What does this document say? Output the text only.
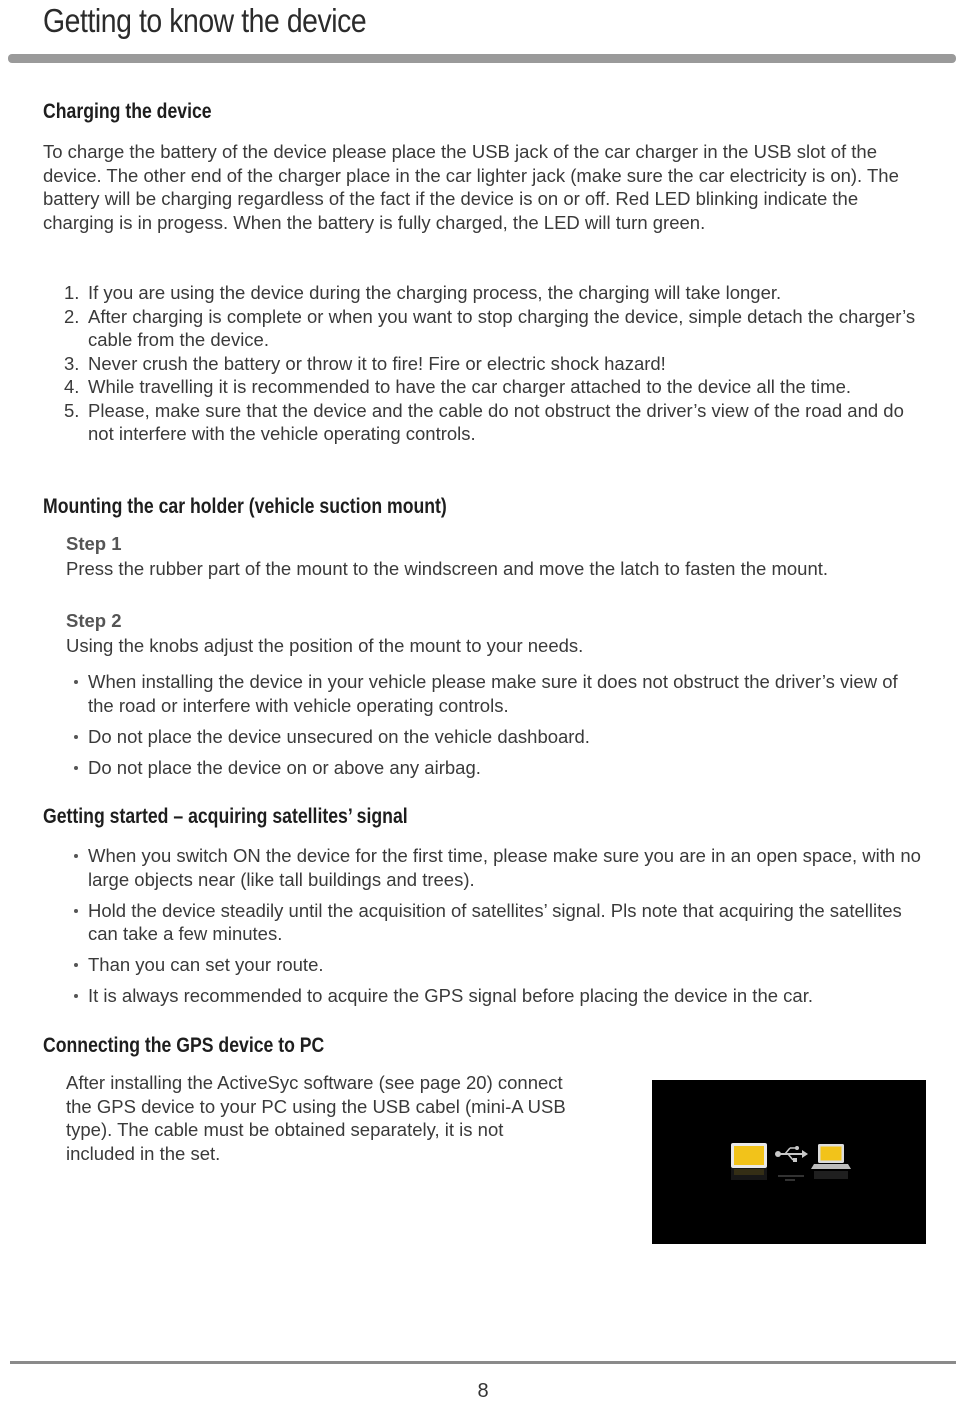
Getting to know the device
Charging the device

To charge the battery of the device please place the USB jack of the car charger in the USB slot of the device. The other end of the charger place in the car lighter jack (make sure the car electricity is on). The battery will be charging regardless of the fact if the device is on or off. Red LED blinking indicate the charging is in progess. When the battery is fully charged, the LED will turn green.

1. If you are using the device during the charging process, the charging will take longer.
2. After charging is complete or when you want to stop charging the device, simple detach the charger’s cable from the device.
3. Never crush the battery or throw it to fire! Fire or electric shock hazard!
4. While travelling it is recommended to have the car charger attached to the device all the time.
5. Please, make sure that the device and the cable do not obstruct the driver’s view of the road and do not interfere with the vehicle operating controls.
Mounting the car holder (vehicle suction mount)
Step 1

Press the rubber part of the mount to the windscreen and move the latch to fasten the mount.

Step 2

Using the knobs adjust the position of the mount to your needs.

When installing the device in your vehicle please make sure it does not obstruct the driver’s view of the road or interfere with vehicle operating controls.
Do not place the device unsecured on the vehicle dashboard.
Do not place the device on or above any airbag.
Getting started – acquiring satellites’ signal
When you switch ON the device for the first time, please make sure you are in an open space, with no large objects near (like tall buildings and trees).
Hold the device steadily until the acquisition of satellites’ signal. Pls note that acquiring the satellites can take a few minutes.
Than you can set your route.
It is always recommended to acquire the GPS signal before placing the device in the car.
Connecting the GPS device to PC

After installing the ActiveSyc software (see page 20) connect the GPS device to your PC using the USB cabel (mini-A USB type). The cable must be obtained separately, it is not included in the set.

8
